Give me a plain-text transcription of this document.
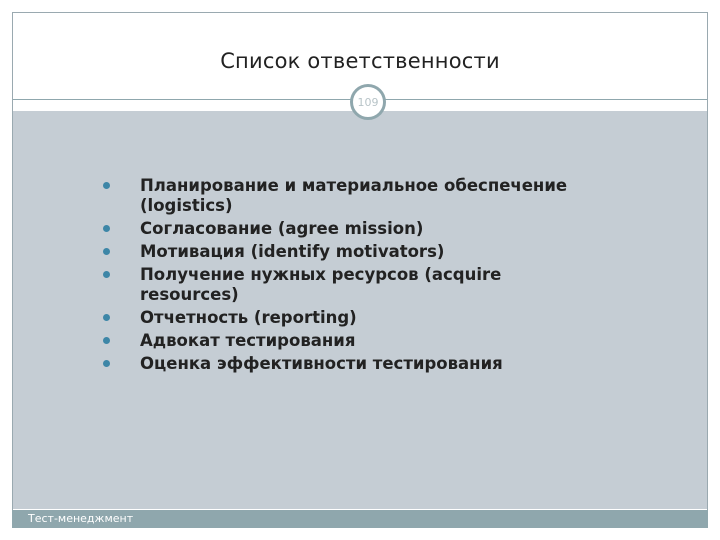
Список ответственности
109
Планирование и материальное обеспечение (logistics)
Согласование (agree mission)
Мотивация (identify motivators)
Получение нужных ресурсов (acquire resources)
Отчетность (reporting)
Адвокат тестирования
Оценка эффективности тестирования
Тест-менеджмент
